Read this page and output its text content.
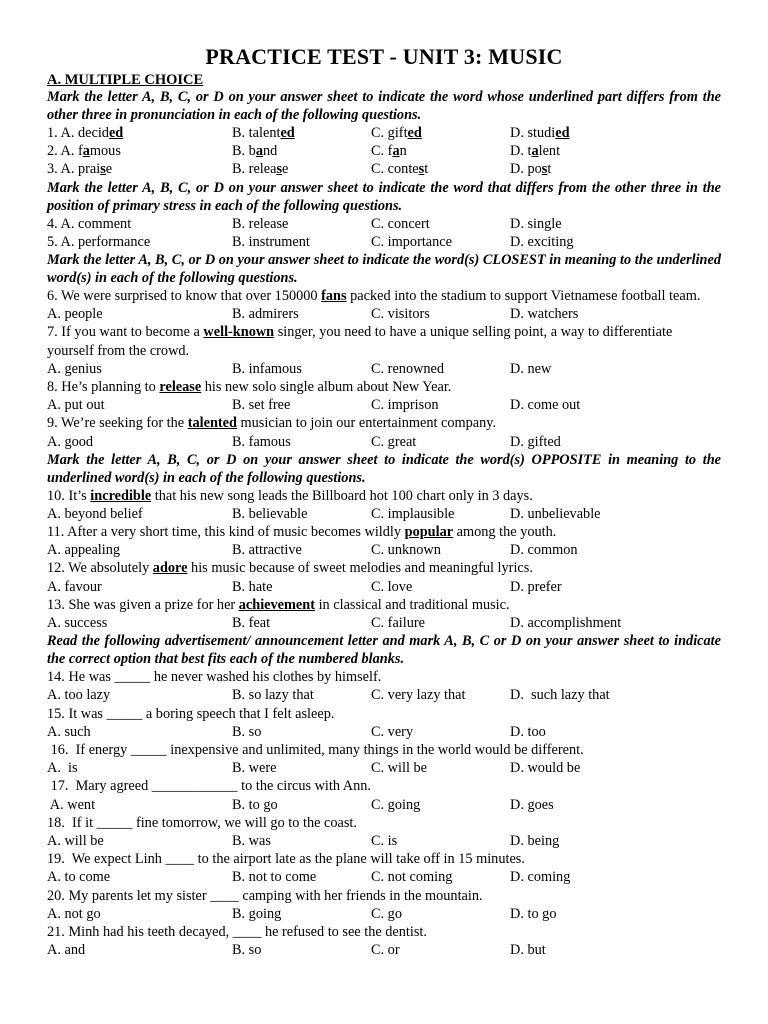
PRACTICE TEST - UNIT 3: MUSIC
A. MULTIPLE CHOICE
Mark the letter A, B, C, or D on your answer sheet to indicate the word whose underlined part differs from the other three in pronunciation in each of the following questions.
1. A. decided	B. talented	C. gifted	D. studied
2. A. famous	B. band	C. fan	D. talent
3. A. praise	B. release	C. contest	D. post
Mark the letter A, B, C, or D on your answer sheet to indicate the word that differs from the other three in the position of primary stress in each of the following questions.
4. A. comment	B. release	C. concert	D. single
5. A. performance	B. instrument	C. importance	D. exciting
Mark the letter A, B, C, or D on your answer sheet to indicate the word(s) CLOSEST in meaning to the underlined word(s) in each of the following questions.
6. We were surprised to know that over 150000 fans packed into the stadium to support Vietnamese football team.
A. people	B. admirers	C. visitors	D. watchers
7. If you want to become a well-known singer, you need to have a unique selling point, a way to differentiate yourself from the crowd.
A. genius	B. infamous	C. renowned	D. new
8. He’s planning to release his new solo single album about New Year.
A. put out	B. set free	C. imprison	D. come out
9. We’re seeking for the talented musician to join our entertainment company.
A. good	B. famous	C. great	D. gifted
Mark the letter A, B, C, or D on your answer sheet to indicate the word(s) OPPOSITE in meaning to the underlined word(s) in each of the following questions.
10. It’s incredible that his new song leads the Billboard hot 100 chart only in 3 days.
A. beyond belief	B. believable	C. implausible	D. unbelievable
11. After a very short time, this kind of music becomes wildly popular among the youth.
A. appealing	B. attractive	C. unknown	D. common
12. We absolutely adore his music because of sweet melodies and meaningful lyrics.
A. favour	B. hate	C. love	D. prefer
13. She was given a prize for her achievement in classical and traditional music.
A. success	B. feat	C. failure	D. accomplishment
Read the following advertisement/ announcement letter and mark A, B, C or D on your answer sheet to indicate the correct option that best fits each of the numbered blanks.
14. He was _____ he never washed his clothes by himself.
A. too lazy	B. so lazy that	C. very lazy that	D.  such lazy that
15. It was _____ a boring speech that I felt asleep.
A. such	B. so	C. very	D. too
16.  If energy _____ inexpensive and unlimited, many things in the world would be different.
A.  is	B. were	C. will be	D. would be
17.  Mary agreed ____________ to the circus with Ann.
A. went	B. to go	C. going	D. goes
18.  If it _____ fine tomorrow, we will go to the coast.
A. will be	B. was	C. is	D. being
19.  We expect Linh ____ to the airport late as the plane will take off in 15 minutes.
A. to come	B. not to come	C. not coming	D. coming
20. My parents let my sister ____ camping with her friends in the mountain.
A. not go	B. going	C. go	D. to go
21. Minh had his teeth decayed, ____ he refused to see the dentist.
A. and	B. so	C. or	D. but
